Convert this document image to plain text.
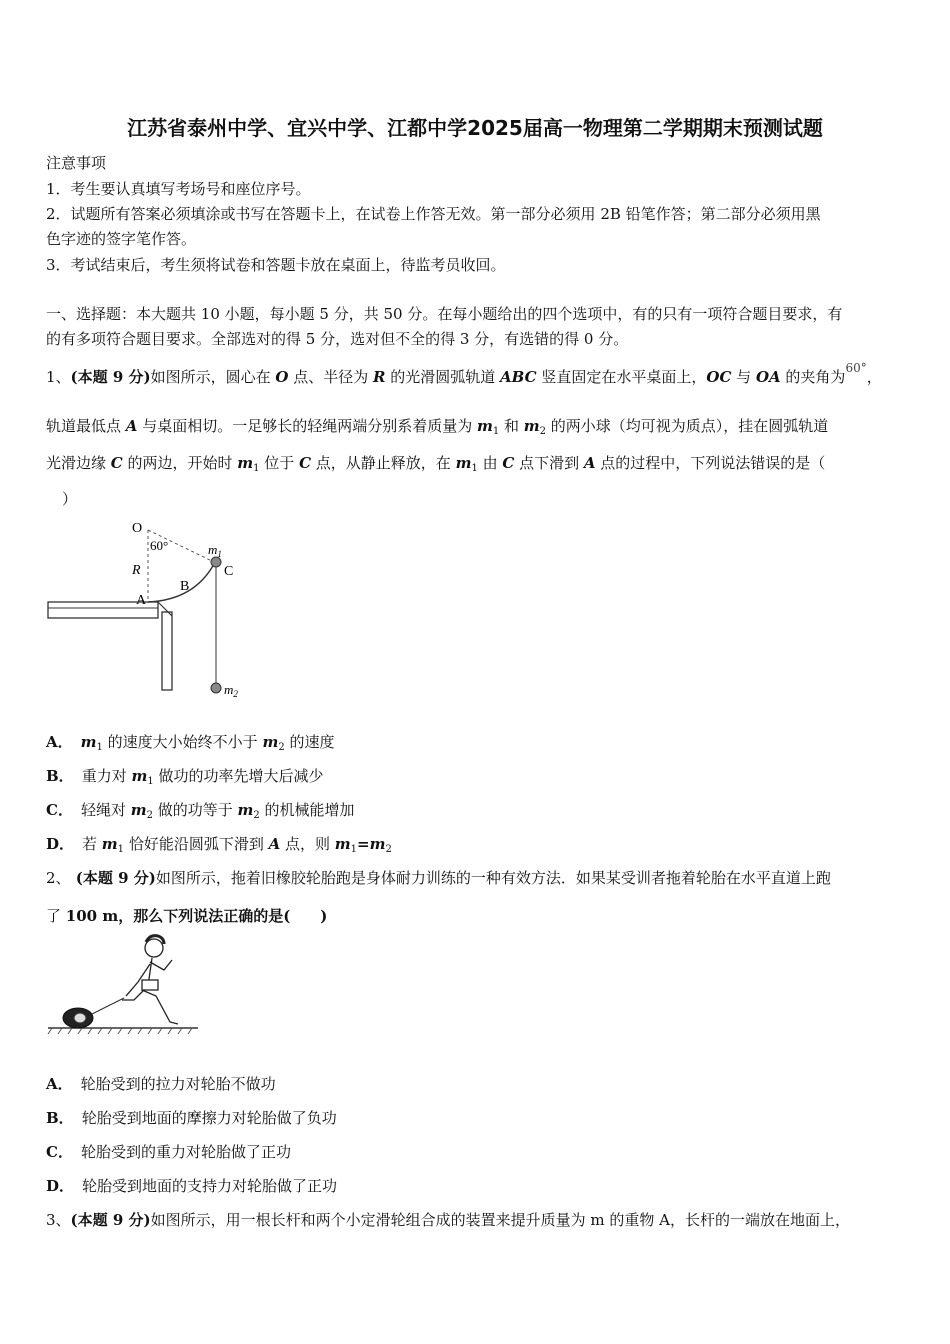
江苏省泰州中学、宜兴中学、江都中学2025届高一物理第二学期期末预测试题
注意事项
1．考生要认真填写考场号和座位序号。
2．试题所有答案必须填涂或书写在答题卡上，在试卷上作答无效。第一部分必须用 2B 铅笔作答；第二部分必须用黑
色字迹的签字笔作答。
3．考试结束后，考生须将试卷和答题卡放在桌面上，待监考员收回。
一、选择题：本大题共 10 小题，每小题 5 分，共 50 分。在每小题给出的四个选项中，有的只有一项符合题目要求，有
的有多项符合题目要求。全部选对的得 5 分，选对但不全的得 3 分，有选错的得 0 分。
1、(本题 9 分)如图所示，圆心在 O 点、半径为 R 的光滑圆弧轨道 ABC 竖直固定在水平桌面上，OC 与 OA 的夹角为$^{60^\circ}$，
轨道最低点 A 与桌面相切。一足够长的轻绳两端分别系着质量为 $m_1$ 和 $m_2$ 的两小球（均可视为质点），挂在圆弧轨道
光滑边缘 C 的两边，开始时 $m_1$ 位于 C 点，从静止释放，在 $m_1$ 由 C 点下滑到 A 点的过程中，下列说法错误的是（
）
O
60°	$m_1$
C
R
B
A
$m_2$
A． $m_1$ 的速度大小始终不小于 $m_2$ 的速度
B． 重力对 $m_1$ 做功的功率先增大后减少
C． 轻绳对 $m_2$ 做的功等于 $m_2$ 的机械能增加
D． 若 $m_1$ 恰好能沿圆弧下滑到 A 点，则 $m_1=m_2$
2、 (本题 9 分)如图所示，拖着旧橡胶轮胎跑是身体耐力训练的一种有效方法．如果某受训者拖着轮胎在水平直道上跑
了 100 m，那么下列说法正确的是(　　)
A． 轮胎受到的拉力对轮胎不做功
B． 轮胎受到地面的摩擦力对轮胎做了负功
C． 轮胎受到的重力对轮胎做了正功
D． 轮胎受到地面的支持力对轮胎做了正功
3、(本题 9 分)如图所示，用一根长杆和两个小定滑轮组合成的装置来提升质量为 m 的重物 A，长杆的一端放在地面上，
